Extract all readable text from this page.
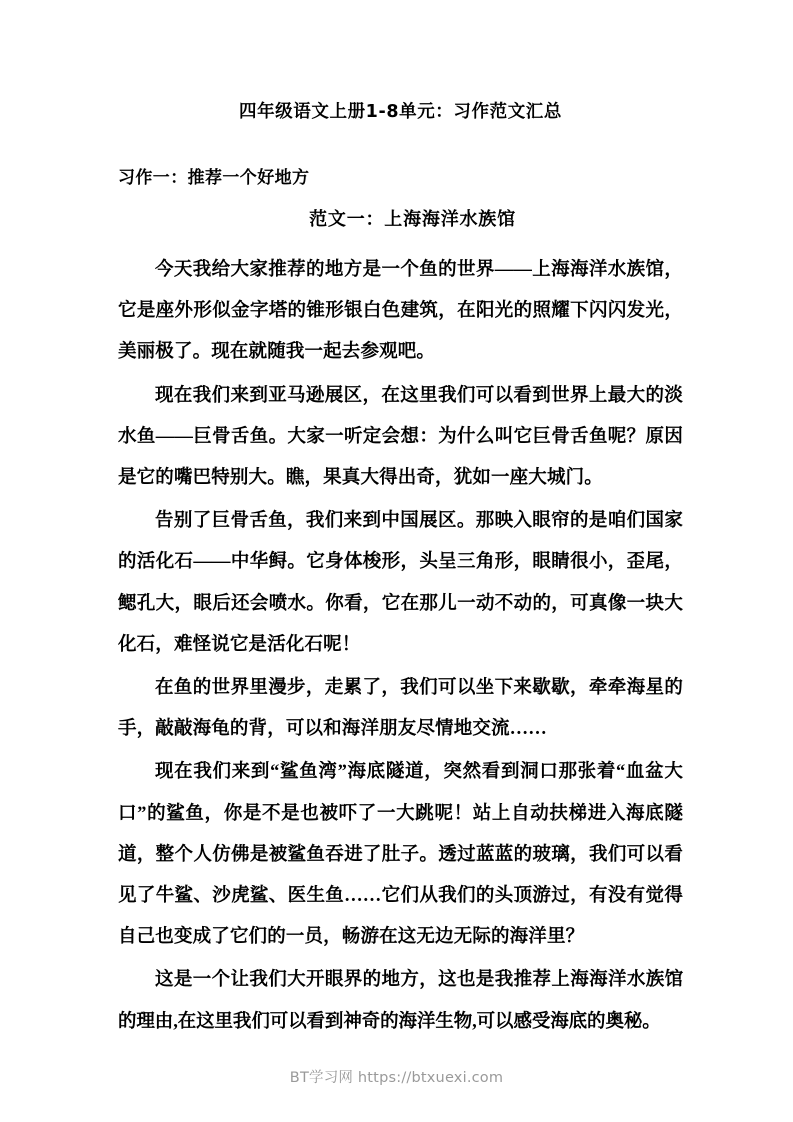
四年级语文上册1-8单元：习作范文汇总
习作一：推荐一个好地方
范文一：上海海洋水族馆

今天我给大家推荐的地方是一个鱼的世界——上海海洋水族馆，它是座外形似金字塔的锥形银白色建筑，在阳光的照耀下闪闪发光，美丽极了。现在就随我一起去参观吧。

现在我们来到亚马逊展区，在这里我们可以看到世界上最大的淡水鱼——巨骨舌鱼。大家一听定会想：为什么叫它巨骨舌鱼呢？原因是它的嘴巴特别大。瞧，果真大得出奇，犹如一座大城门。

告别了巨骨舌鱼，我们来到中国展区。那映入眼帘的是咱们国家的活化石——中华鲟。它身体梭形，头呈三角形，眼睛很小，歪尾，鳃孔大，眼后还会喷水。你看，它在那儿一动不动的，可真像一块大化石，难怪说它是活化石呢！

在鱼的世界里漫步，走累了，我们可以坐下来歇歇，牵牵海星的手，敲敲海龟的背，可以和海洋朋友尽情地交流……

现在我们来到“鲨鱼湾”海底隧道，突然看到洞口那张着“血盆大口”的鲨鱼，你是不是也被吓了一大跳呢！站上自动扶梯进入海底隧道，整个人仿佛是被鲨鱼吞进了肚子。透过蓝蓝的玻璃，我们可以看见了牛鲨、沙虎鲨、医生鱼……它们从我们的头顶游过，有没有觉得自己也变成了它们的一员，畅游在这无边无际的海洋里？

这是一个让我们大开眼界的地方，这也是我推荐上海海洋水族馆的理由,在这里我们可以看到神奇的海洋生物,可以感受海底的奥秘。

BT学习网 https://btxuexi.com
